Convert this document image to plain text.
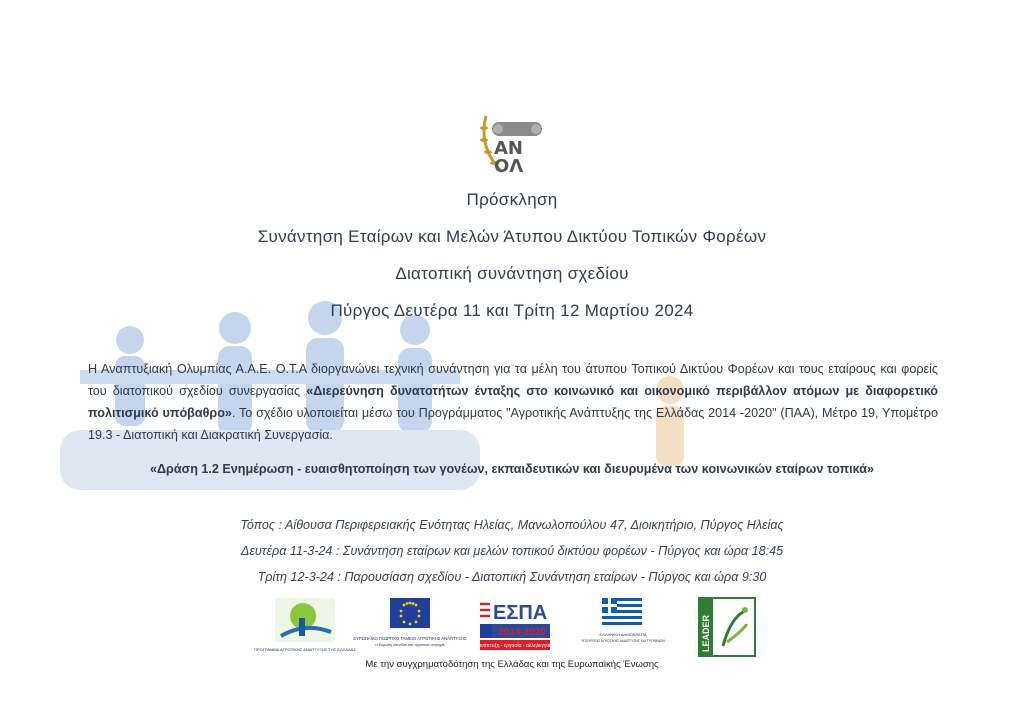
ΑΝ
ΟΛ
Πρόσκληση
Συνάντηση Εταίρων και Μελών Άτυπου Δικτύου Τοπικών Φορέων
Διατοπική συνάντηση σχεδίου
Πύργος Δευτέρα 11 και Τρίτη 12 Μαρτίου 2024
Η Αναπτυξιακή Ολυμπίας Α.Α.Ε. Ο.Τ.Α διοργανώνει τεχνική συνάντηση για τα μέλη του άτυπου Τοπικού Δικτύου Φορέων και τους εταίρους και φορείς του διατοπικού σχεδίου συνεργασίας «Διερεύνηση δυνατοτήτων ένταξης στο κοινωνικό και οικονομικό περιβάλλον ατόμων με διαφορετικό πολιτισμικό υπόβαθρο». Το σχέδιο υλοποιείται μέσω του Προγράμματος "Αγροτικής Ανάπτυξης της Ελλάδας 2014 -2020" (ΠΑΑ), Μέτρο 19, Υπομέτρο 19.3 - Διατοπική και Διακρατική Συνεργασία.
«Δράση 1.2 Ενημέρωση - ευαισθητοποίηση των γονέων, εκπαιδευτικών και διευρυμένα των κοινωνικών εταίρων τοπικά»
Τόπος : Αίθουσα Περιφερειακής Ενότητας Ηλείας, Μανωλοπούλου 47, Διοικητήριο, Πύργος Ηλείας
Δευτέρα 11-3-24 : Συνάντηση εταίρων και μελών τοπικού δικτύου φορέων - Πύργος και ώρα 18:45
Τρίτη 12-3-24 : Παρουσίαση σχεδίου - Διατοπική Συνάντηση εταίρων - Πύργος και ώρα 9:30
ΠΡΟΓΡΑΜΜΑ ΑΓΡΟΤΙΚΗΣ ΑΝΑΠΤΥΞΗΣ ΤΗΣ ΕΛΛΑΔΑΣ
ΕΥΡΩΠΑΪΚΟ ΓΕΩΡΓΙΚΟ ΤΑΜΕΙΟ ΑΓΡΟΤΙΚΗΣ ΑΝΑΠΤΥΞΗΣ
Η Ευρώπη επενδύει στις αγροτικές περιοχές
ΕΣΠΑ
2014-2020
ανάπτυξη - εργασία - αλληλεγγύη
ΕΛΛΗΝΙΚΗ ΔΗΜΟΚΡΑΤΙΑ
ΥΠΟΥΡΓΕΙΟ ΑΓΡΟΤΙΚΗΣ ΑΝΑΠΤΥΞΗΣ ΚΑΙ ΤΡΟΦΙΜΩΝ	LEADER
Με την συγχρηματοδότηση της Ελλάδας και της Ευρωπαϊκής Ένωσης
